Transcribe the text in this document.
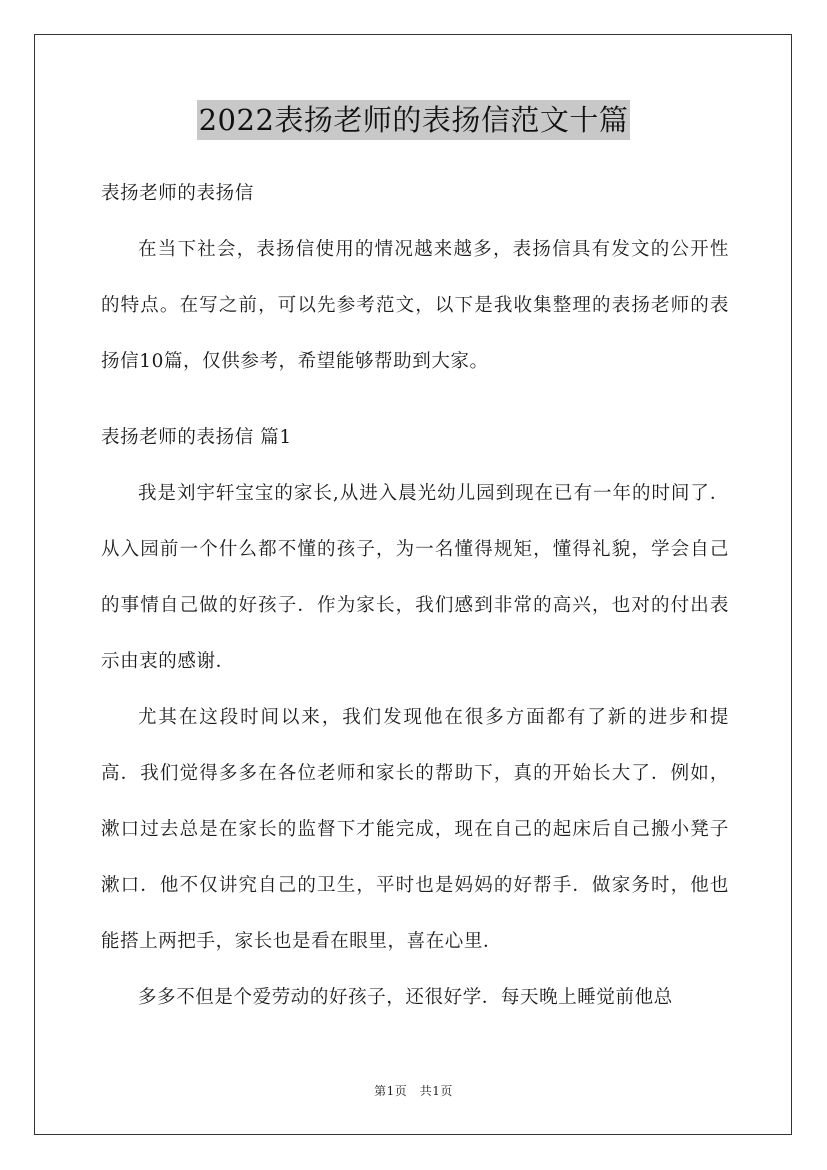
2022表扬老师的表扬信范文十篇

表扬老师的表扬信

在当下社会，表扬信使用的情况越来越多，表扬信具有发文的公开性的特点。在写之前，可以先参考范文，以下是我收集整理的表扬老师的表扬信10篇，仅供参考，希望能够帮助到大家。

表扬老师的表扬信 篇1

我是刘宇轩宝宝的家长,从进入晨光幼儿园到现在已有一年的时间了．从入园前一个什么都不懂的孩子，为一名懂得规矩，懂得礼貌，学会自己的事情自己做的好孩子．作为家长，我们感到非常的高兴，也对的付出表示由衷的感谢．

尤其在这段时间以来，我们发现他在很多方面都有了新的进步和提高．我们觉得多多在各位老师和家长的帮助下，真的开始长大了．例如，漱口过去总是在家长的监督下才能完成，现在自己的起床后自己搬小凳子漱口．他不仅讲究自己的卫生，平时也是妈妈的好帮手．做家务时，他也能搭上两把手，家长也是看在眼里，喜在心里．

多多不但是个爱劳动的好孩子，还很好学．每天晚上睡觉前他总

第1页　共1页
